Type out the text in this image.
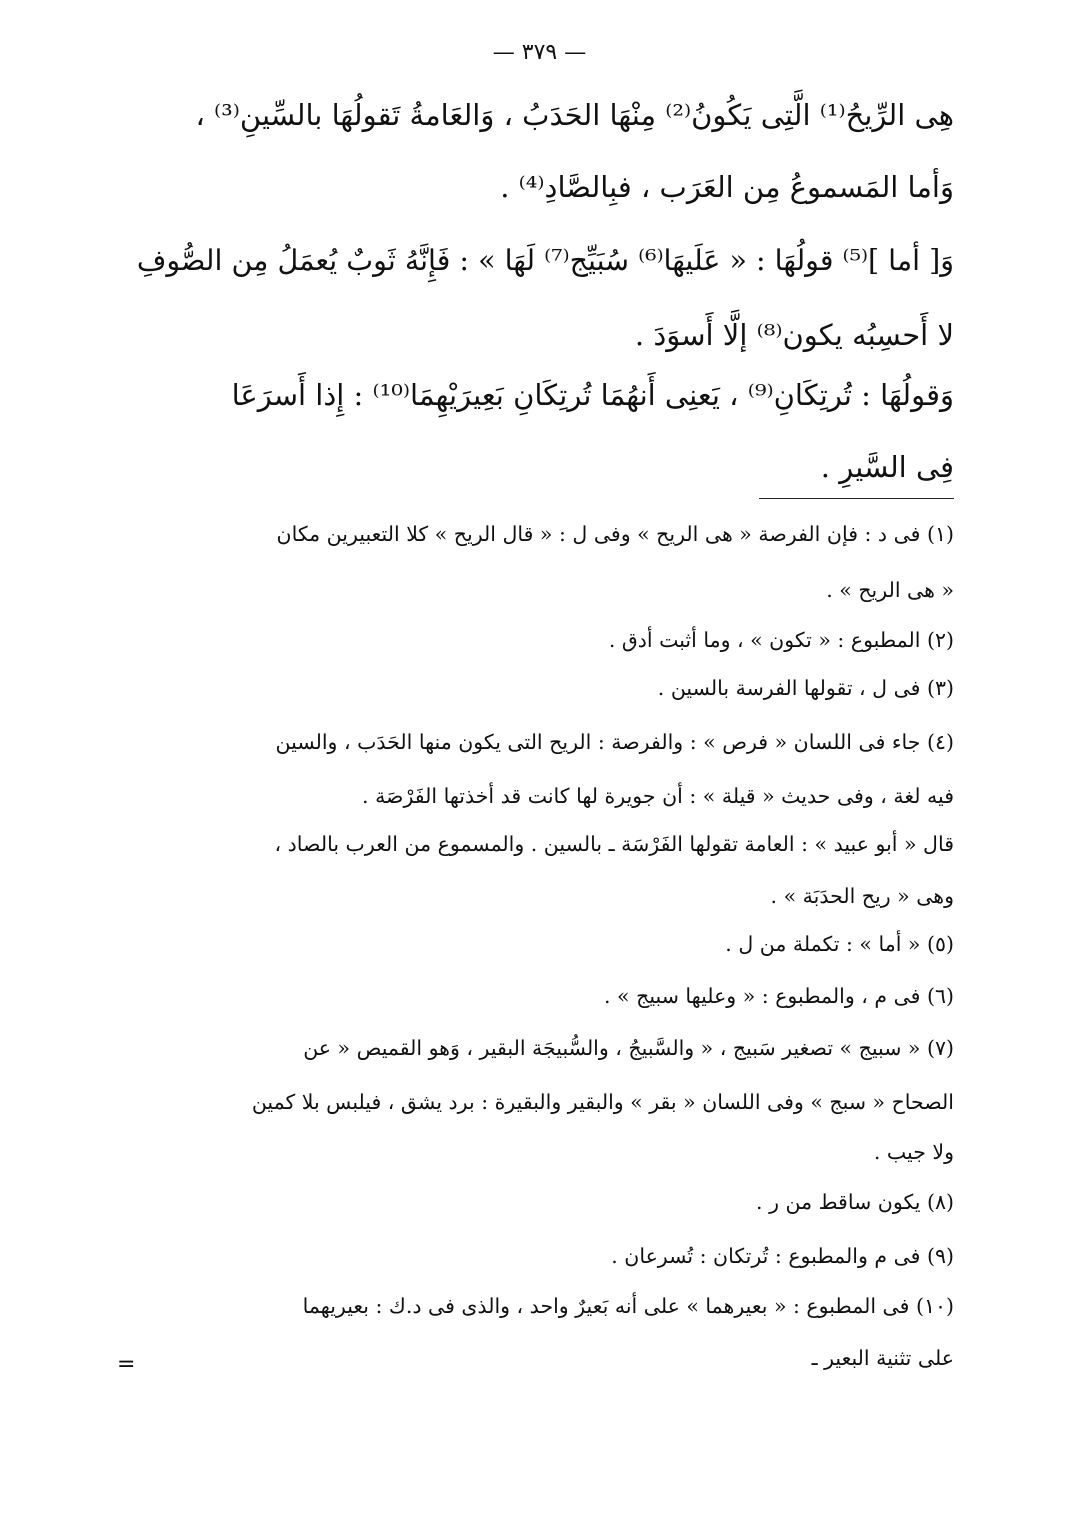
— ٣٧٩ —
هِى الرِّيحُ⁽¹⁾ الَّتِى يَكُونُ⁽²⁾ مِنْهَا الحَدَبُ ، وَالعَامةُ تَقولُهَا بالسِّينِ⁽³⁾ ،
وَأما المَسموعُ مِن العَرَب ، فبِالصَّادِ⁽⁴⁾ .
وَ[ أما ]⁽⁵⁾ قولُهَا : « عَلَيهَا⁽⁶⁾ سُبَيِّج⁽⁷⁾ لَهَا » : فَإِنَّهُ ثَوبٌ يُعمَلُ مِن الصُّوفِ
لا أَحسِبُه يكون⁽⁸⁾ إلَّا أَسوَدَ .
وَقولُهَا : تُرتِكَانِ⁽⁹⁾ ، يَعنِى أَنهُمَا تُرتِكَانِ بَعِيرَيْهِمَا⁽¹⁰⁾ : إِذا أَسرَعَا
فِى السَّيرِ .
(١) فى د : فإن الفرصة « هى الريح » وفى ل : « قال الريح » كلا التعبيرين مكان
« هى الريح » .
(٢) المطبوع : « تكون » ، وما أثبت أدق .
(٣) فى ل ، تقولها الفرسة بالسين .
(٤) جاء فى اللسان « فرص » : والفرصة : الريح التى يكون منها الحَدَب ، والسين
فيه لغة ، وفى حديث « قيلة » : أن جويرة لها كانت قد أخذتها الفَرْصَة .
قال « أبو عبيد » : العامة تقولها الفَرْسَة ـ بالسين . والمسموع من العرب بالصاد ،
وهى « ريح الحدَبَة » .
(٥) « أما » : تكملة من ل .
(٦) فى م ، والمطبوع : « وعليها سبيج » .
(٧) « سبيج » تصغير سَبيج ، « والسَّبيجُ ، والسُّبيجَة البقير ، وَهو القميص « عن
الصحاح « سبج » وفى اللسان « بقر » والبقير والبقيرة : برد يشق ، فيلبس بلا كمين
ولا جيب .
(٨) يكون ساقط من ر .
(٩) فى م والمطبوع : تُرتكان : تُسرعان .
(١٠) فى المطبوع : « بعيرهما » على أنه بَعيرٌ واحد ، والذى فى د.ك : بعيريهما
على تثنية البعير ـ
=
